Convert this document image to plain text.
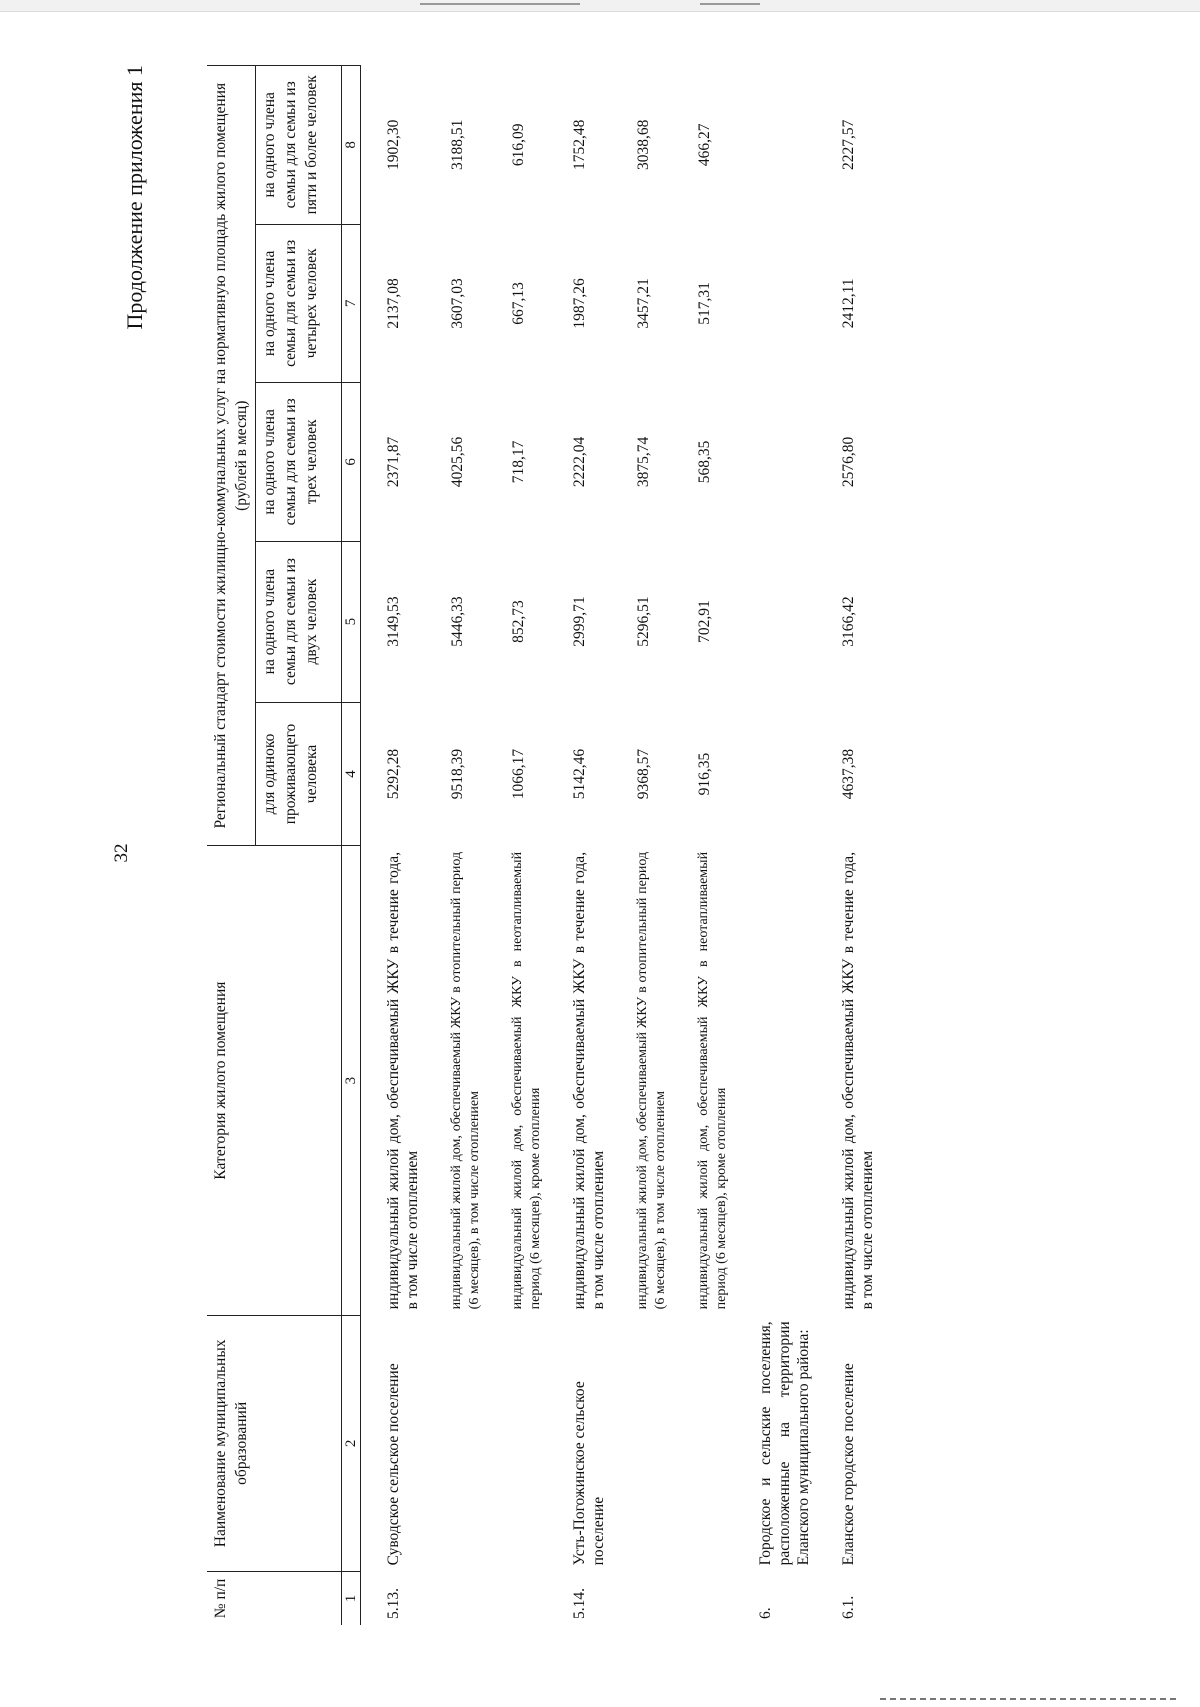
32
Продолжение приложения 1
№ п/п	Наименование муниципальных образований	Категория жилого помещения	Региональный стандарт стоимости жилищно-коммунальных услуг на нормативную площадь жилого помещения (рублей в месяц)				
			для одиноко проживающего человека	на одного члена семьи для семьи из двух человек	на одного члена семьи для семьи из трех человек	на одного члена семьи для семьи из четырех человек	на одного члена семьи для семьи из пяти и более человек
1	2	3	4	5	6	7	8

5.13.	Суводское сельское поселение	индивидуальный жилой дом, обеспечиваемый ЖКУ в течение года, в том числе отоплением	5292,28	3149,53	2371,87	2137,08	1902,30

		индивидуальный жилой дом, обеспечиваемый ЖКУ в отопительный период (6 месяцев), в том числе отоплением	9518,39	5446,33	4025,56	3607,03	3188,51

		индивидуальный жилой дом, обеспечиваемый ЖКУ в неотапливаемый период (6 месяцев), кроме отопления	1066,17	852,73	718,17	667,13	616,09

5.14.	Усть-Погожинское сельское поселение	индивидуальный жилой дом, обеспечиваемый ЖКУ в течение года, в том числе отоплением	5142,46	2999,71	2222,04	1987,26	1752,48

		индивидуальный жилой дом, обеспечиваемый ЖКУ в отопительный период (6 месяцев), в том числе отоплением	9368,57	5296,51	3875,74	3457,21	3038,68

		индивидуальный жилой дом, обеспечиваемый ЖКУ в неотапливаемый период (6 месяцев), кроме отопления	916,35	702,91	568,35	517,31	466,27

6.	Городское и сельские поселения, расположенные на территории Еланского муниципального района:						

6.1.	Еланское городское поселение	индивидуальный жилой дом, обеспечиваемый ЖКУ в течение года, в том числе отоплением	4637,38	3166,42	2576,80	2412,11	2227,57
